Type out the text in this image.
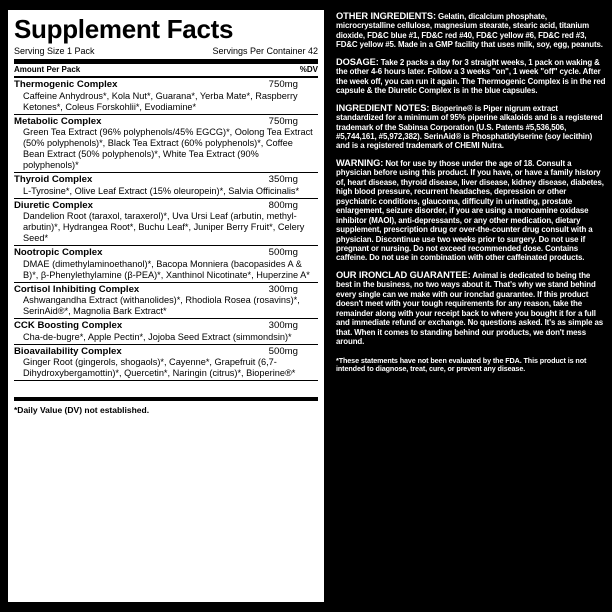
Supplement Facts
Serving Size 1 Pack	Servings Per Container 42
Amount Per Pack	%DV
Thermogenic Complex	750mg
Caffeine Anhydrous*, Kola Nut*, Guarana*, Yerba Mate*, Raspberry Ketones*, Coleus Forskohlii*, Evodiamine*
Metabolic Complex	750mg
Green Tea Extract (96% polyphenols/45% EGCG)*, Oolong Tea Extract (50% polyphenols)*, Black Tea Extract (60% polyphenols)*, Coffee Bean Extract (50% polyphenols)*, White Tea Extract (90% polyphenols)*
Thyroid Complex	350mg
L-Tyrosine*, Olive Leaf Extract (15% oleuropein)*, Salvia Officinalis*
Diuretic Complex	800mg
Dandelion Root (taraxol, taraxerol)*, Uva Ursi Leaf (arbutin, methyl-arbutin)*, Hydrangea Root*, Buchu Leaf*, Juniper Berry Fruit*, Celery Seed*
Nootropic Complex	500mg
DMAE (dimethylaminoethanol)*, Bacopa Monniera (bacopasides A & B)*, β-Phenylethylamine (β-PEA)*, Xanthinol Nicotinate*, Huperzine A*
Cortisol Inhibiting Complex	300mg
Ashwangandha Extract (withanolides)*, Rhodiola Rosea (rosavins)*, SerinAid®*, Magnolia Bark Extract*
CCK Boosting Complex	300mg
Cha-de-bugre*, Apple Pectin*, Jojoba Seed Extract (simmondsin)*
Bioavailability Complex	500mg
Ginger Root (gingerols, shogaols)*, Cayenne*, Grapefruit (6,7-Dihydroxybergamottin)*, Quercetin*, Naringin (citrus)*, Bioperine®*
*Daily Value (DV) not established.

OTHER INGREDIENTS: Gelatin, dicalcium phosphate, microcrystalline cellulose, magnesium stearate, stearic acid, titanium dioxide, FD&C blue #1, FD&C red #40, FD&C yellow #6, FD&C red #3, FD&C yellow #5. Made in a GMP facility that uses milk, soy, egg, peanuts.

DOSAGE: Take 2 packs a day for 3 straight weeks, 1 pack on waking & the other 4-6 hours later. Follow a 3 weeks "on", 1 week "off" cycle. After the week off, you can run it again. The Thermogenic Complex is in the red capsule & the Diuretic Complex is in the blue capsules.

INGREDIENT NOTES: Bioperine® is Piper nigrum extract standardized for a minimum of 95% piperine alkaloids and is a registered trademark of the Sabinsa Corporation (U.S. Patents #5,536,506, #5,744,161, #5,972,382). SerinAid® is Phosphatidylserine (soy lecithin) and is a registered trademark of CHEMI Nutra.

WARNING: Not for use by those under the age of 18. Consult a physician before using this product. If you have, or have a family history of, heart disease, thyroid disease, liver disease, kidney disease, diabetes, high blood pressure, recurrent headaches, depression or other psychiatric conditions, glaucoma, difficulty in urinating, prostate enlargement, seizure disorder, if you are using a monoamine oxidase inhibitor (MAOI), anti-depressants, or any other medication, dietary supplement, prescription drug or over-the-counter drug consult with a physician. Discontinue use two weeks prior to surgery. Do not use if pregnant or nursing. Do not exceed recommended dose. Contains caffeine. Do not use in combination with other caffeinated products.

OUR IRONCLAD GUARANTEE: Animal is dedicated to being the best in the business, no two ways about it. That's why we stand behind every single can we make with our ironclad guarantee. If this product doesn't meet with your tough requirements for any reason, take the remainder along with your receipt back to where you bought it for a full and immediate refund or exchange. No questions asked. It's as simple as that. When it comes to standing behind our products, we don't mess around.

*These statements have not been evaluated by the FDA. This product is not intended to diagnose, treat, cure, or prevent any disease.
